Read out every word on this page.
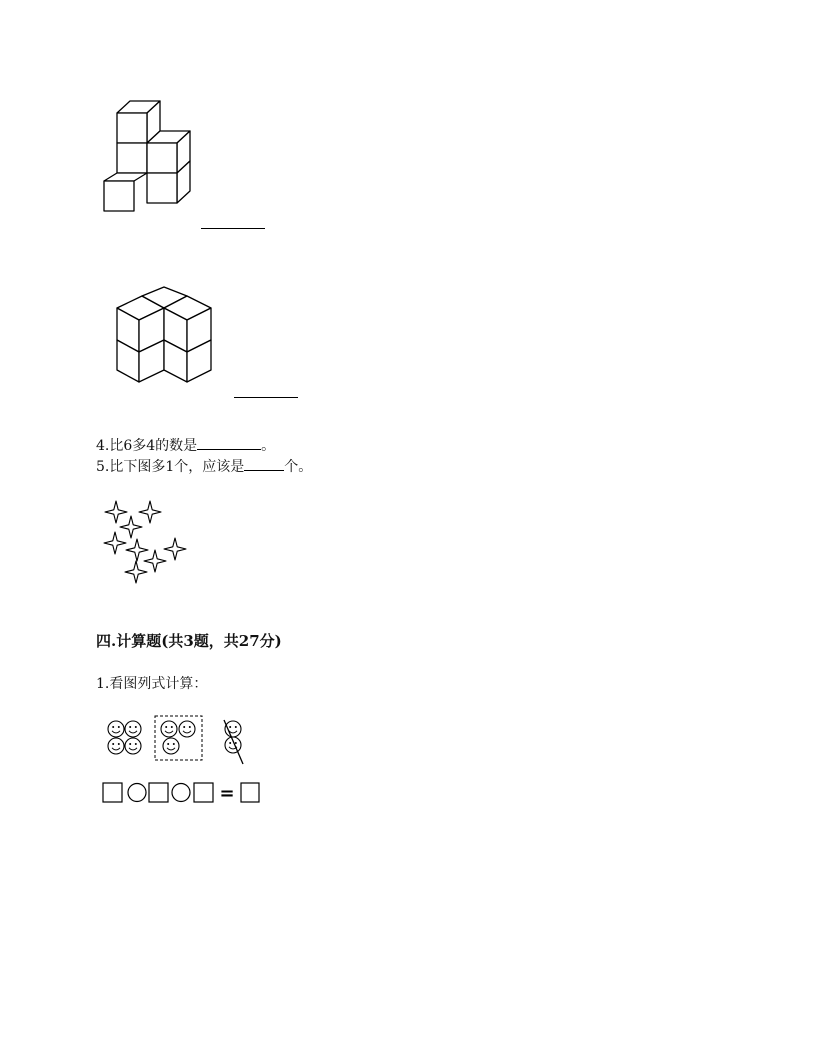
4.比6多4的数是	。
5.比下图多1个，应该是	个。
四.计算题(共3题，共27分)
1.看图列式计算：
=
